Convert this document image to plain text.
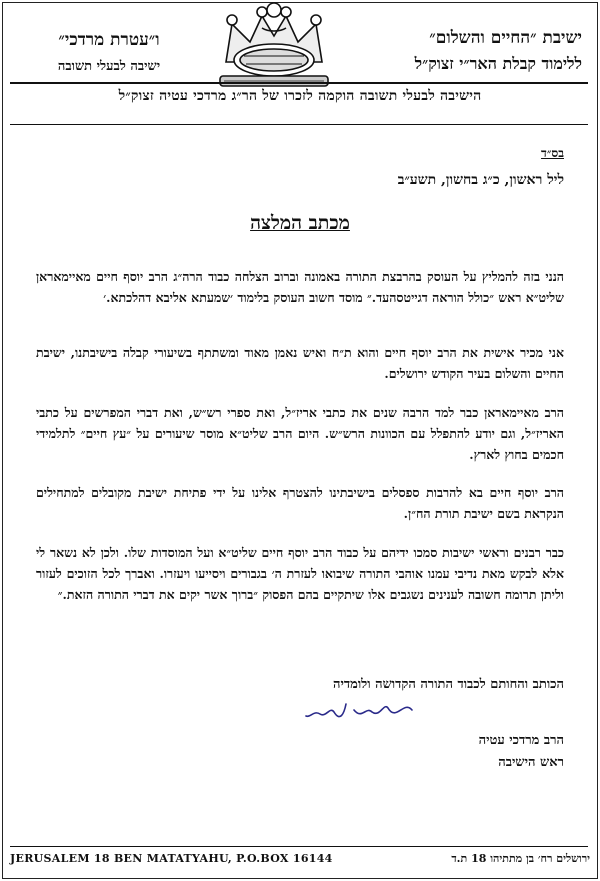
ישיבת ״החיים והשלום״
ללימוד קבלת האר״י זצוק״ל
ו״עטרת מרדכי״
ישיבה לבעלי תשובה
הישיבה לבעלי תשובה הוקמה לזכרו של הר״ג מרדכי עטיה זצוק״ל
בס״ד
ליל ראשון, כ״ג בחשון, תשע״ב
מכתב המלצה
הנני בזה להמליץ על העוסק בהרבצת התורה באמונה וברוב הצלחה כבוד הרה״ג הרב יוסף חיים מאיימאראן שליט״א ראש ״כולל הוראה דגייטסהעד.״ מוסד חשוב העוסק בלימוד ׳שמעתא אליבא דהלכתא.׳
אני מכיר אישית את הרב יוסף חיים והוא ת״ח ואיש נאמן מאוד ומשתתף בשיעורי קבלה בישיבתנו, ישיבת החיים והשלום בעיר הקודש ירושלים.
הרב מאיימאראן כבר למד הרבה שנים את כתבי אריז״ל, ואת ספרי רש״ש, ואת דברי המפרשים על כתבי האריז״ל, וגם יודע להתפלל עם הכוונות הרש״ש. היום הרב שליט״א מוסר שיעורים על ״עץ חיים״ לתלמידי חכמים בחוץ לארץ.
הרב יוסף חיים בא להרבות ספסלים בישיבתינו להצטרף אלינו על ידי פתיחת ישיבת מקובלים למתחילים הנקראת בשם ישיבת תורת הח״ן.
כבר רבנים וראשי ישיבות סמכו ידיהם על כבוד הרב יוסף חיים שליט״א ועל המוסדות שלו. ולכן לא נשאר לי אלא לבקש מאת נדיבי עמנו אוהבי התורה שיבואו לעזרת ה׳ בגבורים ויסייעו ויעזרו. ואברך לכל הזוכים לעזור וליתן תרומה חשובה לענינים נשגבים אלו שיתקיים בהם הפסוק ״ברוך אשר יקים את דברי התורה הזאת.״
הכותב והחותם לכבוד התורה הקדושה ולומדיה
הרב מרדכי עטיה
ראש הישיבה
JERUSALEM 18 BEN MATATYAHU, P.O.BOX 16144	ירושלים רח׳ בן מתתיהו 18 ת.ד
